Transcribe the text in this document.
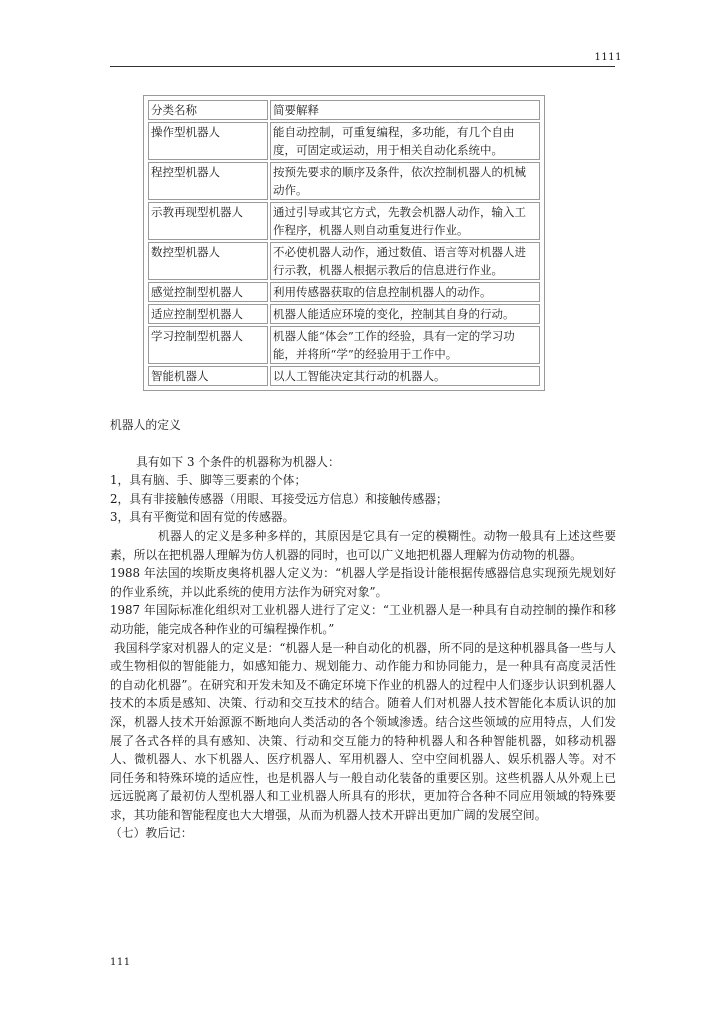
1111
分类名称	简要解释
操作型机器人	能自动控制，可重复编程，多功能，有几个自由度，可固定或运动，用于相关自动化系统中。
程控型机器人	按预先要求的顺序及条件，依次控制机器人的机械动作。
示教再现型机器人	通过引导或其它方式，先教会机器人动作，输入工作程序，机器人则自动重复进行作业。
数控型机器人	不必使机器人动作，通过数值、语言等对机器人进行示教，机器人根据示教后的信息进行作业。
感觉控制型机器人	利用传感器获取的信息控制机器人的动作。
适应控制型机器人	机器人能适应环境的变化，控制其自身的行动。
学习控制型机器人	机器人能“体会”工作的经验，具有一定的学习功能，并将所“学”的经验用于工作中。
智能机器人	以人工智能决定其行动的机器人。

机器人的定义

具有如下 3 个条件的机器称为机器人：

1，具有脑、手、脚等三要素的个体；

2，具有非接触传感器（用眼、耳接受远方信息）和接触传感器；

3，具有平衡觉和固有觉的传感器。

机器人的定义是多种多样的，其原因是它具有一定的模糊性。动物一般具有上述这些要素，所以在把机器人理解为仿人机器的同时，也可以广义地把机器人理解为仿动物的机器。

1988 年法国的埃斯皮奥将机器人定义为：“机器人学是指设计能根据传感器信息实现预先规划好的作业系统，并以此系统的使用方法作为研究对象”。

1987 年国际标准化组织对工业机器人进行了定义：“工业机器人是一种具有自动控制的操作和移动功能，能完成各种作业的可编程操作机。”

我国科学家对机器人的定义是：“机器人是一种自动化的机器，所不同的是这种机器具备一些与人或生物相似的智能能力，如感知能力、规划能力、动作能力和协同能力，是一种具有高度灵活性的自动化机器”。在研究和开发未知及不确定环境下作业的机器人的过程中人们逐步认识到机器人技术的本质是感知、决策、行动和交互技术的结合。随着人们对机器人技术智能化本质认识的加深，机器人技术开始源源不断地向人类活动的各个领域渗透。结合这些领域的应用特点，人们发展了各式各样的具有感知、决策、行动和交互能力的特种机器人和各种智能机器，如移动机器人、微机器人、水下机器人、医疗机器人、军用机器人、空中空间机器人、娱乐机器人等。对不同任务和特殊环境的适应性，也是机器人与一般自动化装备的重要区别。这些机器人从外观上已远远脱离了最初仿人型机器人和工业机器人所具有的形状，更加符合各种不同应用领域的特殊要求，其功能和智能程度也大大增强，从而为机器人技术开辟出更加广阔的发展空间。

（七）教后记：

111
